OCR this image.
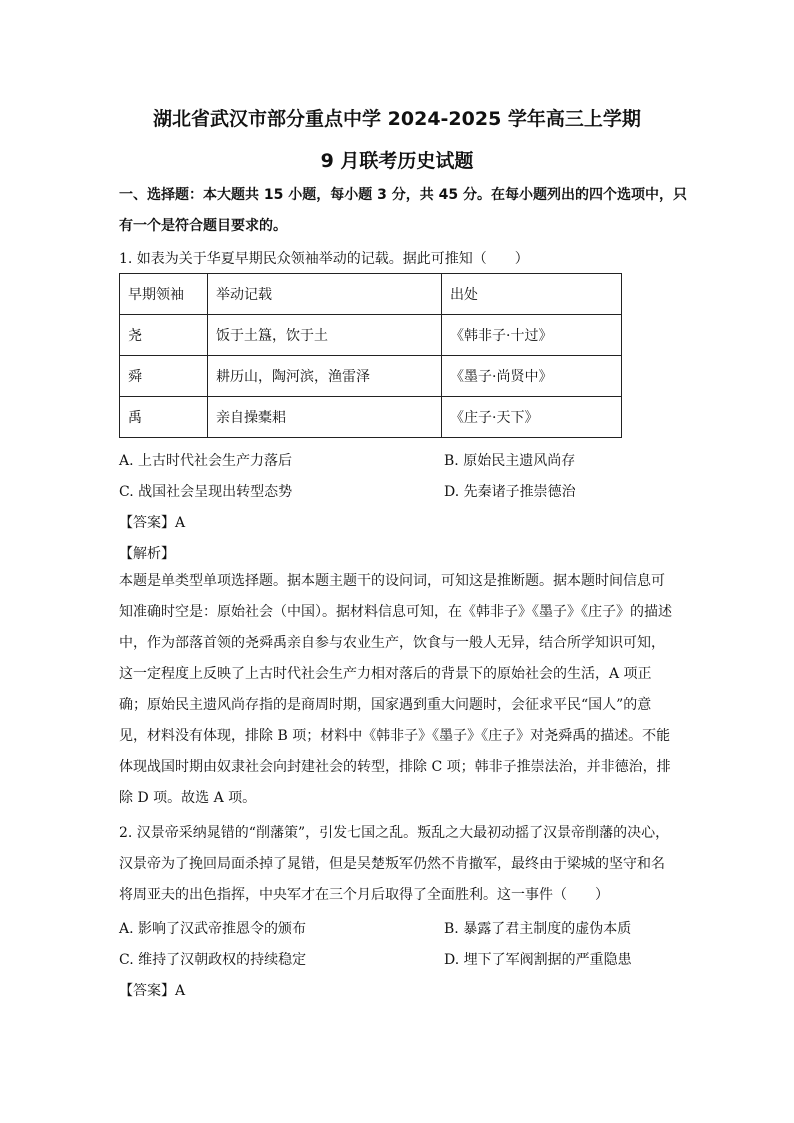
湖北省武汉市部分重点中学 2024-2025 学年高三上学期
9 月联考历史试题
一、选择题：本大题共 15 小题，每小题 3 分，共 45 分。在每小题列出的四个选项中，只
有一个是符合题目要求的。
1. 如表为关于华夏早期民众领袖举动的记载。据此可推知（　　）
早期领袖	举动记载	出处
尧	饭于土簋，饮于土	《韩非子·十过》
舜	耕历山，陶河滨，渔雷泽	《墨子·尚贤中》
禹	亲自操橐耜	《庄子·天下》
A. 上古时代社会生产力落后	B. 原始民主遗风尚存
C. 战国社会呈现出转型态势	D. 先秦诸子推崇德治
【答案】A
【解析】
本题是单类型单项选择题。据本题主题干的设问词，可知这是推断题。据本题时间信息可
知准确时空是：原始社会（中国）。据材料信息可知，在《韩非子》《墨子》《庄子》的描述
中，作为部落首领的尧舜禹亲自参与农业生产，饮食与一般人无异，结合所学知识可知，
这一定程度上反映了上古时代社会生产力相对落后的背景下的原始社会的生活，A 项正
确；原始民主遗风尚存指的是商周时期，国家遇到重大问题时，会征求平民“国人”的意
见，材料没有体现，排除 B 项；材料中《韩非子》《墨子》《庄子》对尧舜禹的描述。不能
体现战国时期由奴隶社会向封建社会的转型，排除 C 项；韩非子推崇法治，并非德治，排
除 D 项。故选 A 项。
2. 汉景帝采纳晁错的“削藩策”，引发七国之乱。叛乱之大最初动摇了汉景帝削藩的决心，
汉景帝为了挽回局面杀掉了晁错，但是吴楚叛军仍然不肯撤军，最终由于梁城的坚守和名
将周亚夫的出色指挥，中央军才在三个月后取得了全面胜利。这一事件（　　）
A. 影响了汉武帝推恩令的颁布	B. 暴露了君主制度的虚伪本质
C. 维持了汉朝政权的持续稳定	D. 埋下了军阀割据的严重隐患
【答案】A
